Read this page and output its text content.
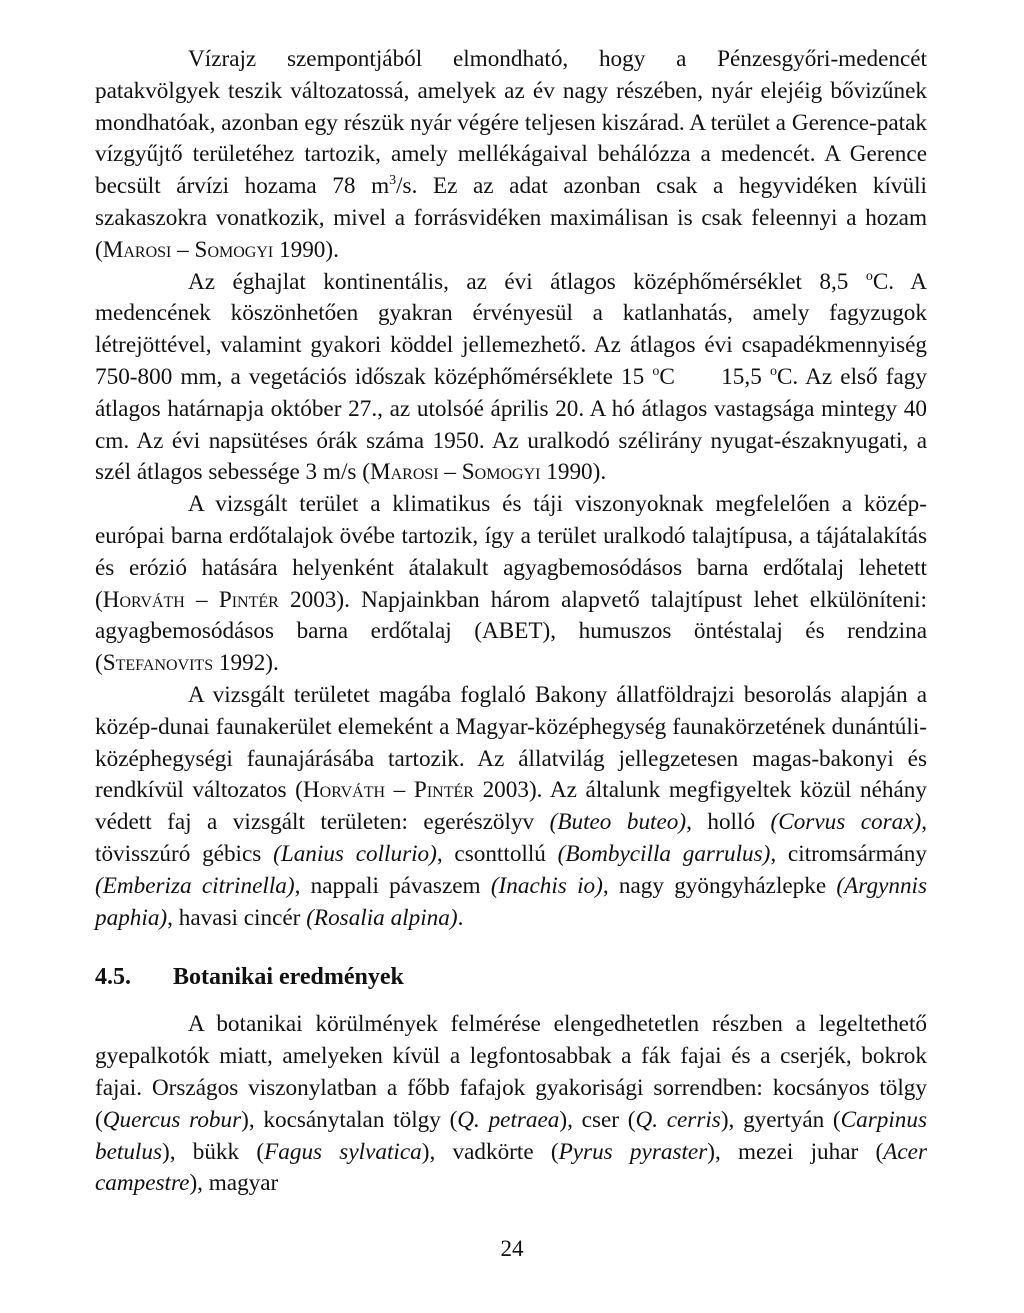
Vízrajz szempontjából elmondható, hogy a Pénzesgyőri-medencét patakvölgyek teszik változatossá, amelyek az év nagy részében, nyár elejéig bővizűnek mondhatóak, azonban egy részük nyár végére teljesen kiszárad. A terület a Gerence-patak vízgyűjtő területéhez tartozik, amely mellékágaival behálózza a medencét. A Gerence becsült árvízi hozama 78 $m^3/s$. Ez az adat azonban csak a hegyvidéken kívüli szakaszokra vonatkozik, mivel a forrásvidéken maximálisan is csak feleennyi a hozam (Marosi – Somogyi 1990).

Az éghajlat kontinentális, az évi átlagos középhőmérséklet 8,5 $^o$C. A medencének köszönhetően gyakran érvényesül a katlanhatás, amely fagyzugok létrejöttével, valamint gyakori köddel jellemezhető. Az átlagos évi csapadékmennyiség 750-800 mm, a vegetációs időszak középhőmérséklete 15 $^o$C  15,5 $^o$C. Az első fagy átlagos határnapja október 27., az utolsóé április 20. A hó átlagos vastagsága mintegy 40 cm. Az évi napsütéses órák száma 1950. Az uralkodó szélirány nyugat-északnyugati, a szél átlagos sebessége 3 m/s (Marosi – Somogyi 1990).

A vizsgált terület a klimatikus és táji viszonyoknak megfelelően a közép-európai barna erdőtalajok övébe tartozik, így a terület uralkodó talajtípusa, a tájátalakítás és erózió hatására helyenként átalakult agyagbemosódásos barna erdőtalaj lehetett (Horváth – Pintér 2003). Napjainkban három alapvető talajtípust lehet elkülöníteni: agyagbemosódásos barna erdőtalaj (ABET), humuszos öntéstalaj és rendzina (Stefanovits 1992).

A vizsgált területet magába foglaló Bakony állatföldrajzi besorolás alapján a közép-dunai faunakerület elemeként a Magyar-középhegység faunakörzetének dunántúli-középhegységi faunajárásába tartozik. Az állatvilág jellegzetesen magas-bakonyi és rendkívül változatos (Horváth – Pintér 2003). Az általunk megfigyeltek közül néhány védett faj a vizsgált területen: egerészölyv (Buteo buteo), holló (Corvus corax), tövisszúró gébics (Lanius collurio), csonttollú (Bombycilla garrulus), citromsármány (Emberiza citrinella), nappali pávaszem (Inachis io), nagy gyöngyházlepke (Argynnis paphia), havasi cincér (Rosalia alpina).

4.5.	Botanikai eredmények

A botanikai körülmények felmérése elengedhetetlen részben a legeltethető gyepalkotók miatt, amelyeken kívül a legfontosabbak a fák fajai és a cserjék, bokrok fajai. Országos viszonylatban a főbb fafajok gyakorisági sorrendben: kocsányos tölgy (Quercus robur), kocsánytalan tölgy (Q. petraea), cser (Q. cerris), gyertyán (Carpinus betulus), bükk (Fagus sylvatica), vadkörte (Pyrus pyraster), mezei juhar (Acer campestre), magyar

24
